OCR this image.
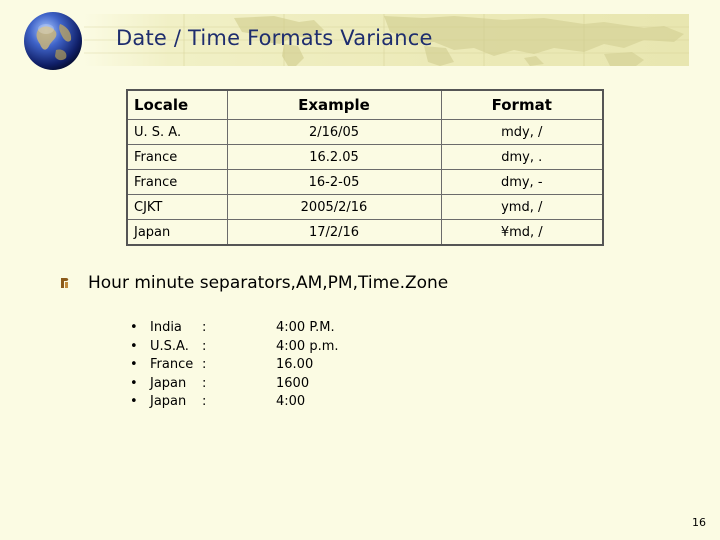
Date / Time Formats Variance
Locale	Example	Format
U. S. A.	2/16/05	mdy, /
France	16.2.05	dmy, .
France	16-2-05	dmy, -
CJKT	2005/2/16	ymd, /
Japan	17/2/16	¥md, /
Hour minute separators,AM,PM,Time.Zone
• India :	4:00 P.M.
• U.S.A. :	4:00 p.m.
• France :	16.00
• Japan :	1600
• Japan :	4:00
16
